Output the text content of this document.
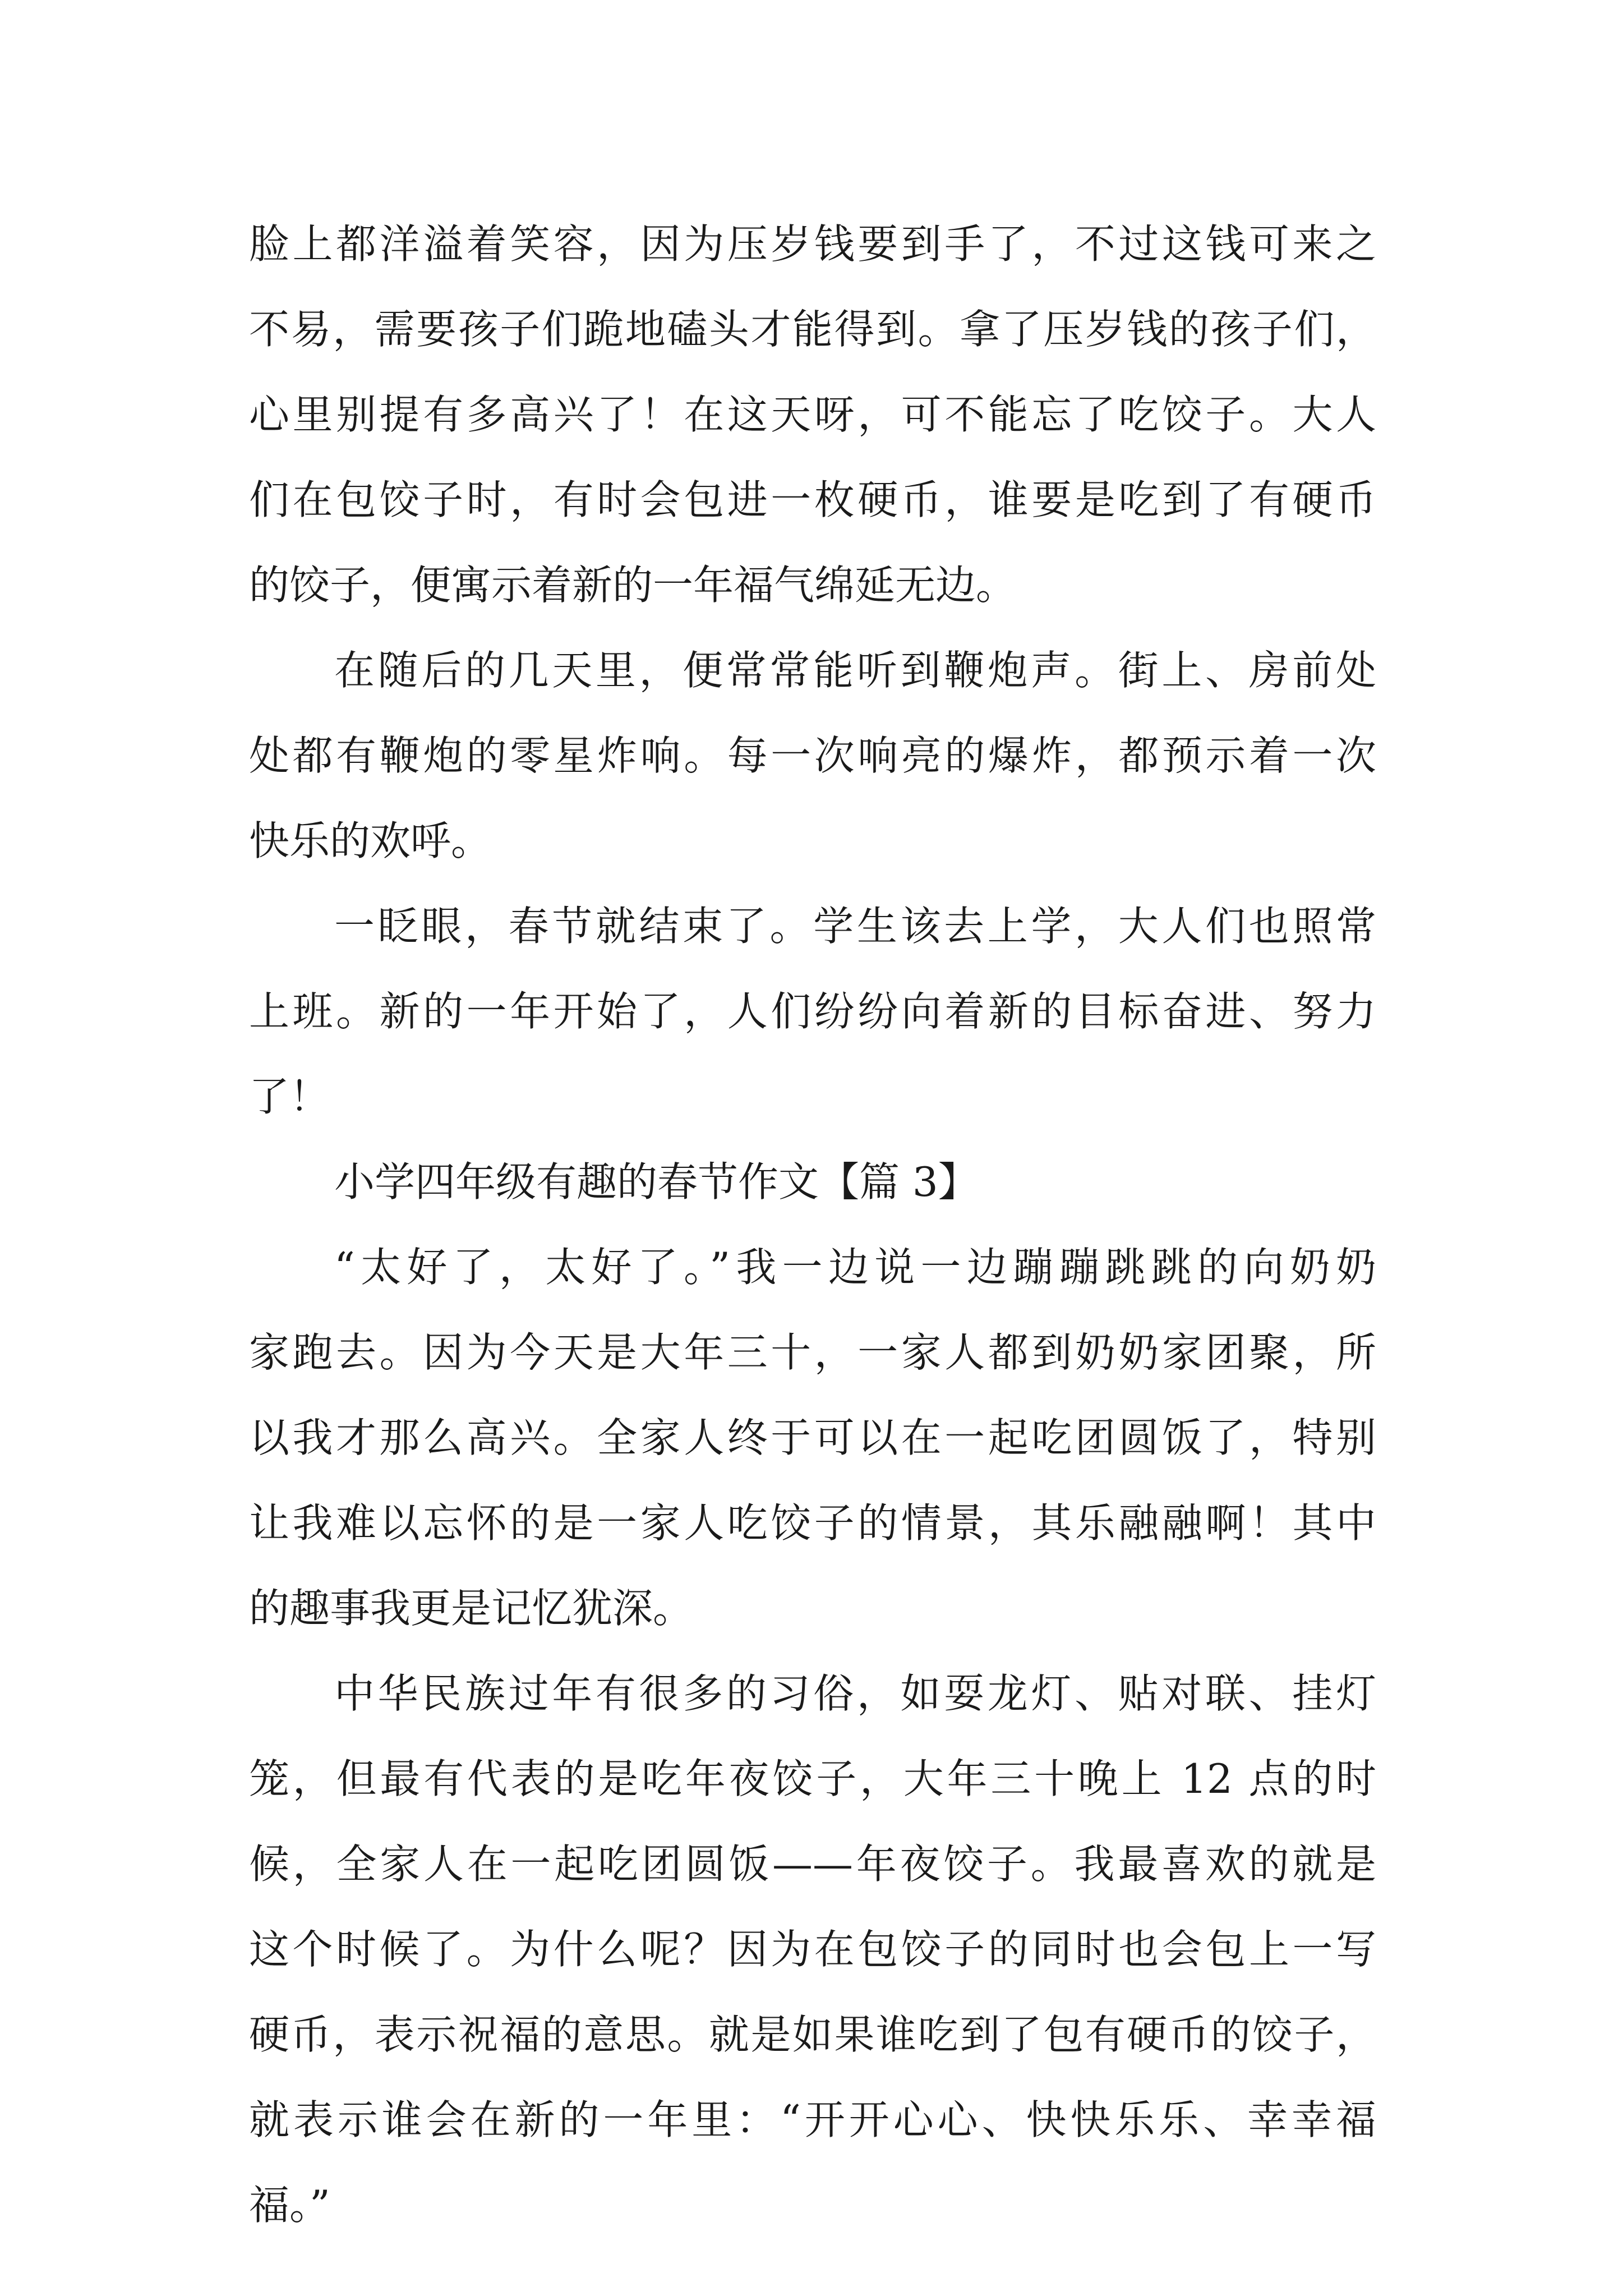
脸上都洋溢着笑容，因为压岁钱要到手了，不过这钱可来之
不易，需要孩子们跪地磕头才能得到。拿了压岁钱的孩子们，
心里别提有多高兴了！在这天呀，可不能忘了吃饺子。大人
们在包饺子时，有时会包进一枚硬币，谁要是吃到了有硬币
的饺子，便寓示着新的一年福气绵延无边。
在随后的几天里，便常常能听到鞭炮声。街上、房前处
处都有鞭炮的零星炸响。每一次响亮的爆炸，都预示着一次
快乐的欢呼。
一眨眼，春节就结束了。学生该去上学，大人们也照常
上班。新的一年开始了，人们纷纷向着新的目标奋进、努力
了！
小学四年级有趣的春节作文【篇 3】
“太好了，太好了。”我一边说一边蹦蹦跳跳的向奶奶
家跑去。因为今天是大年三十，一家人都到奶奶家团聚，所
以我才那么高兴。全家人终于可以在一起吃团圆饭了，特别
让我难以忘怀的是一家人吃饺子的情景，其乐融融啊！其中
的趣事我更是记忆犹深。
中华民族过年有很多的习俗，如耍龙灯、贴对联、挂灯
笼，但最有代表的是吃年夜饺子，大年三十晚上 12 点的时
候，全家人在一起吃团圆饭——年夜饺子。我最喜欢的就是
这个时候了。为什么呢？因为在包饺子的同时也会包上一写
硬币，表示祝福的意思。就是如果谁吃到了包有硬币的饺子，
就表示谁会在新的一年里：“开开心心、快快乐乐、幸幸福
福。”
